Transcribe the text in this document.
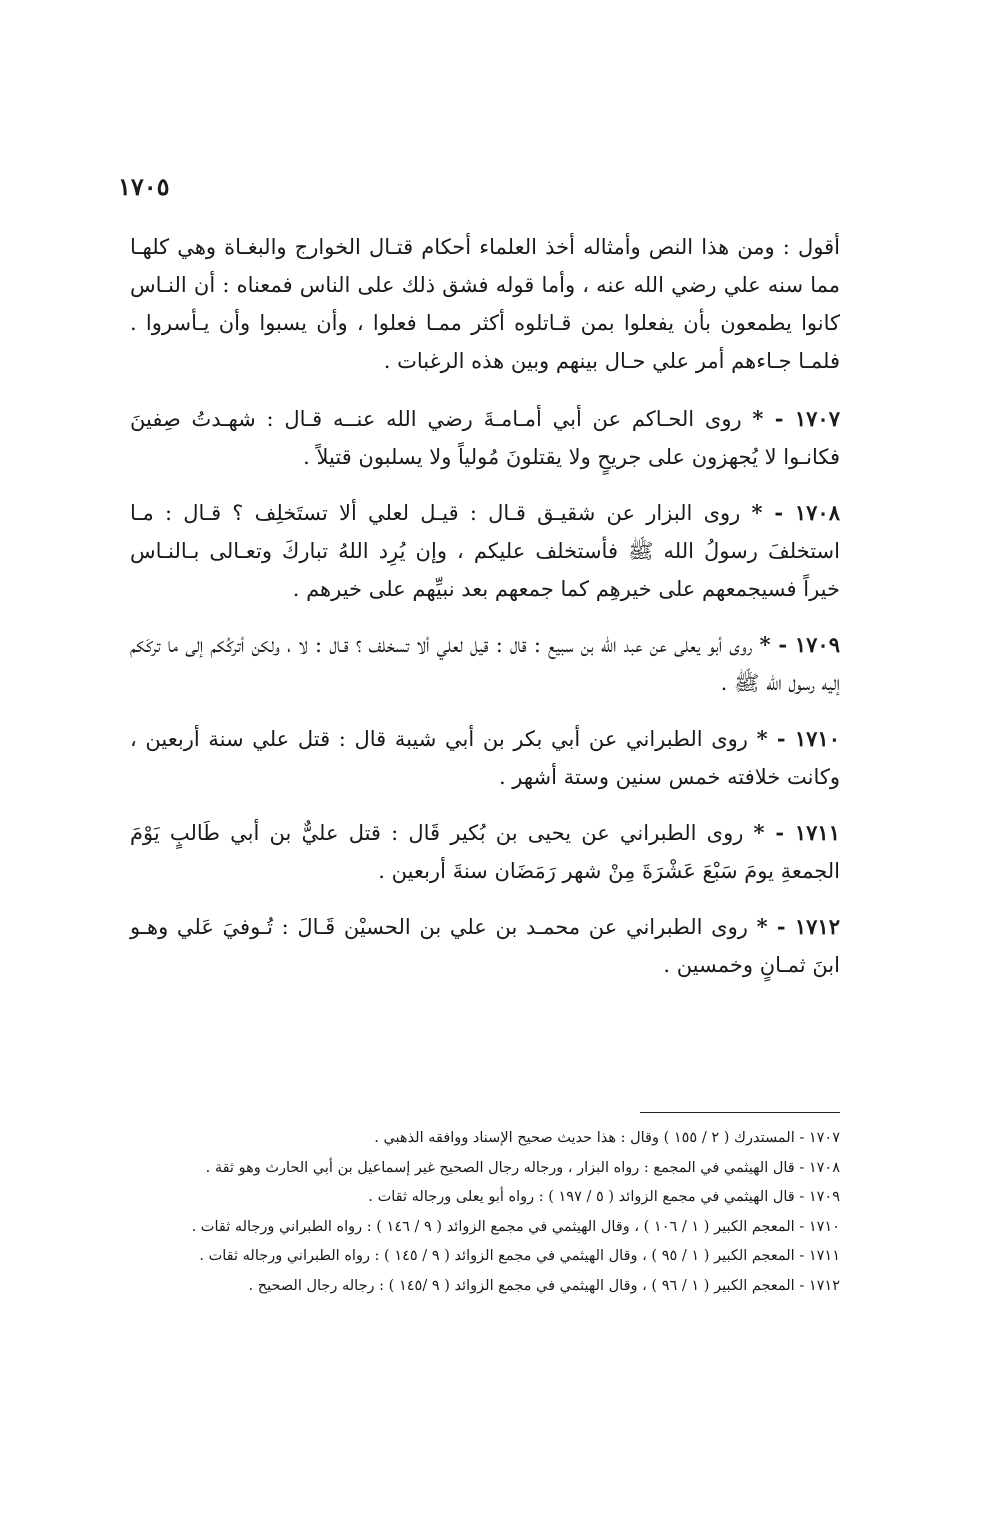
١٧٠٥

أقول : ومن هذا النص وأمثاله أخذ العلماء أحكام قتـال الخوارج والبغـاة وهي كلهـا مما سنه علي رضي الله عنه ، وأما قوله فشق ذلك على الناس فمعناه : أن النـاس كانوا يطمعون بأن يفعلوا بمن قـاتلوه أكثر ممـا فعلوا ، وأن يسبوا وأن يـأسروا . فلمـا جـاءهم أمر علي حـال بينهم وبين هذه الرغبات .

١٧٠٧ - * روى الحـاكم عن أبي أمـامـةَ رضي الله عنــه قـال : شهـدتُ صِفينَ فكانـوا لا يُجهزون على جريحٍ ولا يقتلونَ مُولياً ولا يسلبون قتيلاً .

١٧٠٨ - * روى البزار عن شقيـق قـال : قيـل لعلي ألا تستَخلِف ؟ قـال : مـا استخلفَ رسولُ الله ﷺ فأستخلف عليكم ، وإن يُرِد اللهُ تباركَ وتعـالى بـالنـاس خيراً فسيجمعهم على خيرهِم كما جمعهم بعد نبيِّهم على خيرهم .

١٧٠٩ - * روى أبو يعلى عن عبد الله بن سبيع : قال : قيل لعلي ألا تسخلف ؟ قـال : لا ، ولكن أتركُكم إلى ما تركَكم إليه رسول الله ﷺ .

١٧١٠ - * روى الطبراني عن أبي بكر بن أبي شيبة قال : قتل علي سنة أربعين ، وكانت خلافته خمس سنين وستة أشهر .

١٧١١ - * روى الطبراني عن يحيى بن بُكير قَال : قتل عليٌّ بن أبي طَالبٍ يَوْمَ الجمعةِ يومَ سَبْعَ عَشْرَةَ مِنْ شهر رَمَضَان سنةَ أربعين .

١٧١٢ - * روى الطبراني عن محمـد بن علي بن الحسيْن قَـالَ : تُـوفيَ عَلي وهـو ابنَ ثمـانٍ وخمسين .

١٧٠٧ - المستدرك ( ٢ / ١٥٥ ) وقال : هذا حديث صحيح الإسناد ووافقه الذهبي .
١٧٠٨ - قال الهيثمي في المجمع : رواه البزار ، ورجاله رجال الصحيح غير إسماعيل بن أبي الحارث وهو ثقة .
١٧٠٩ - قال الهيثمي في مجمع الزوائد ( ٥ / ١٩٧ ) : رواه أبو يعلى ورجاله ثقات .
١٧١٠ - المعجم الكبير ( ١ / ١٠٦ ) ، وقال الهيثمي في مجمع الزوائد ( ٩ / ١٤٦ ) : رواه الطبراني ورجاله ثقات .
١٧١١ - المعجم الكبير ( ١ / ٩٥ ) ، وقال الهيثمي في مجمع الزوائد ( ٩ / ١٤٥ ) : رواه الطبراني ورجاله ثقات .
١٧١٢ - المعجم الكبير ( ١ / ٩٦ ) ، وقال الهيثمي في مجمع الزوائد ( ٩ /١٤٥ ) : رجاله رجال الصحيح .
